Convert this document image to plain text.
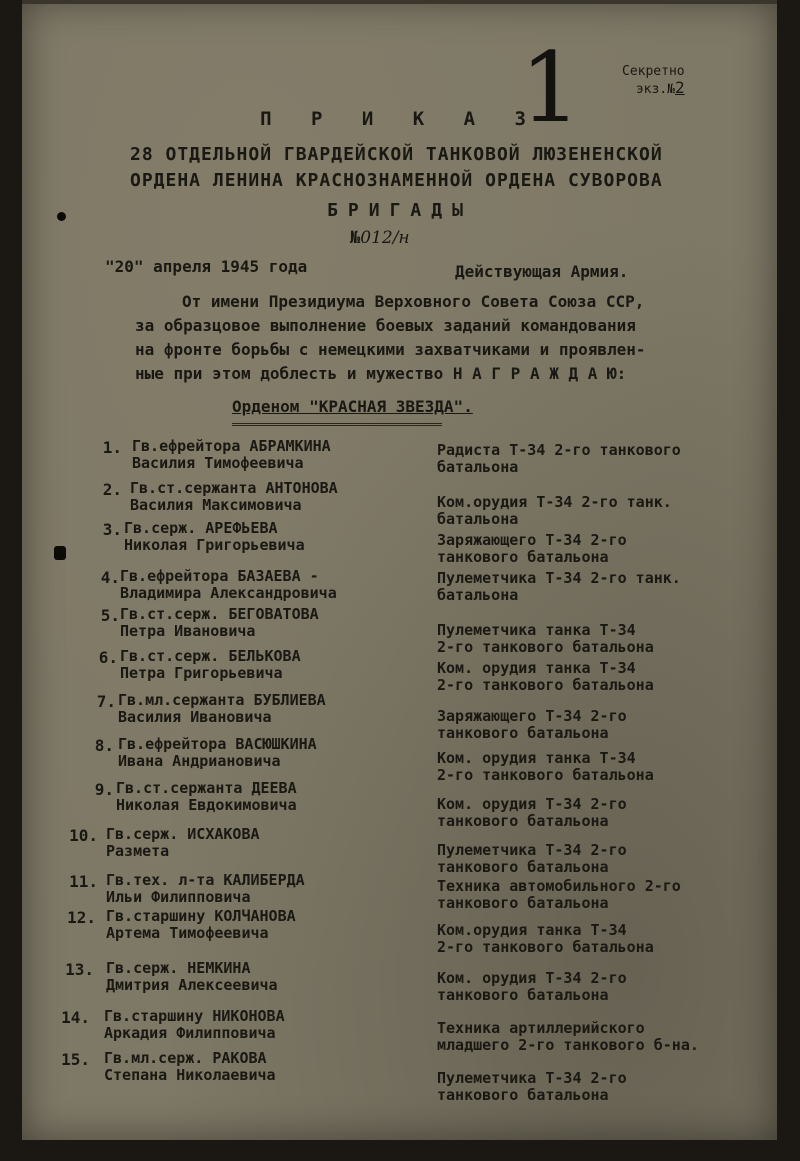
1	Секретно
экз.№2
П Р И К А З
28 ОТДЕЛЬНОЙ ГВАРДЕЙСКОЙ ТАНКОВОЙ ЛЮЗЕНЕНСКОЙ
ОРДЕНА ЛЕНИНА КРАСНОЗНАМЕННОЙ ОРДЕНА СУВОРОВА
БРИГАДЫ
№012/н
"20" апреля 1945 года	Действующая Армия.
От имени Президиума Верховного Совета Союза ССР,
за образцовое выполнение боевых заданий командования
на фронте борьбы с немецкими захватчиками и проявлен-
ные при этом доблесть и мужество Н А Г Р А Ж Д А Ю:
Орденом "КРАСНАЯ ЗВЕЗДА".
1. Гв.ефрейтора АБРАМКИНА
Василия Тимофеевича
Радиста Т-34 2-го танкового
батальона
2. Гв.ст.сержанта АНТОНОВА
Василия Максимовича	Ком.орудия Т-34 2-го танк.
батальона
3. Гв.серж. АРЕФЬЕВА
Николая Григорьевича	Заряжающего Т-34 2-го
танкового батальона
4. Гв.ефрейтора БАЗАЕВА -
Владимира Александровича
Пулеметчика Т-34 2-го танк.
батальона
5. Гв.ст.серж. БЕГОВАТОВА
Петра Ивановича	Пулеметчика танка Т-34
2-го танкового батальона
6. Гв.ст.серж. БЕЛЬКОВА
Петра Григорьевича	Ком. орудия танка Т-34
2-го танкового батальона
7. Гв.мл.сержанта БУБЛИЕВА
Василия Ивановича	Заряжающего Т-34 2-го
танкового батальона
8. Гв.ефрейтора ВАСЮШКИНА
Ивана Андриановича	Ком. орудия танка Т-34
2-го танкового батальона
9. Гв.ст.сержанта ДЕЕВА
Николая Евдокимовича	Ком. орудия Т-34 2-го
танкового батальона
10. Гв.серж. ИСХАКОВА
Размета	Пулеметчика Т-34 2-го
танкового батальона
11. Гв.тех. л-та КАЛИБЕРДА
Ильи Филипповича
Техника автомобильного 2-го
танкового батальона
12. Гв.старшину КОЛЧАНОВА
Артема Тимофеевича	Ком.орудия танка Т-34
2-го танкового батальона
13. Гв.серж. НЕМКИНА
Дмитрия Алексеевича	Ком. орудия Т-34 2-го
танкового батальона
14. Гв.старшину НИКОНОВА
Аркадия Филипповича	Техника артиллерийского
младшего 2-го танкового б-на.
15. Гв.мл.серж. РАКОВА
Степана Николаевича	Пулеметчика Т-34 2-го
танкового батальона
